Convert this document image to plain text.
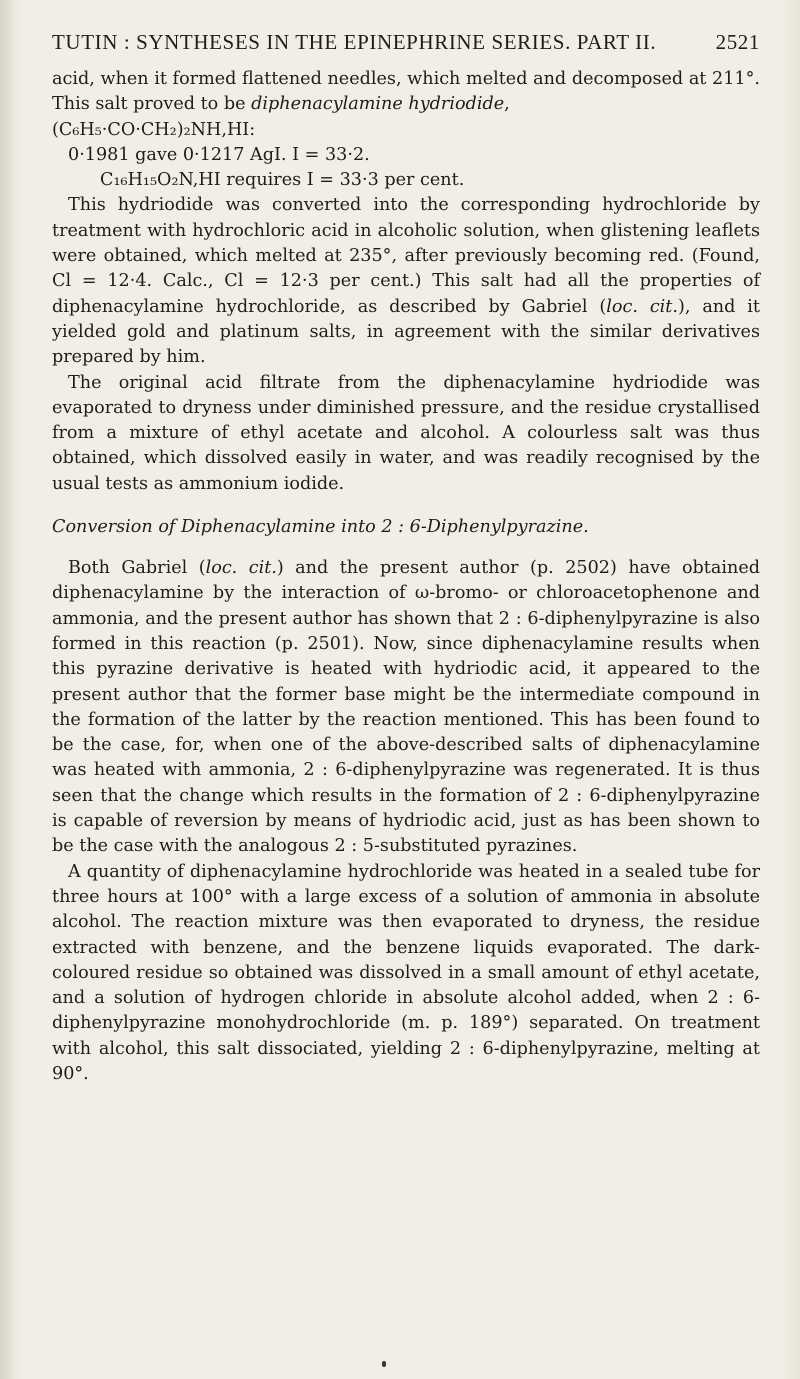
TUTIN : SYNTHESES IN THE EPINEPHRINE SERIES. PART II.	2521

acid, when it formed flattened needles, which melted and decomposed at 211°. This salt proved to be diphenacylamine hydriodide,

(C₆H₅·CO·CH₂)₂NH,HI:
0·1981 gave 0·1217 AgI. I = 33·2.
C₁₆H₁₅O₂N,HI requires I = 33·3 per cent.

This hydriodide was converted into the corresponding hydrochloride by treatment with hydrochloric acid in alcoholic solution, when glistening leaflets were obtained, which melted at 235°, after previously becoming red. (Found, Cl = 12·4. Calc., Cl = 12·3 per cent.) This salt had all the properties of diphenacylamine hydrochloride, as described by Gabriel (loc. cit.), and it yielded gold and platinum salts, in agreement with the similar derivatives prepared by him.

The original acid filtrate from the diphenacylamine hydriodide was evaporated to dryness under diminished pressure, and the residue crystallised from a mixture of ethyl acetate and alcohol. A colourless salt was thus obtained, which dissolved easily in water, and was readily recognised by the usual tests as ammonium iodide.

Conversion of Diphenacylamine into 2 : 6-Diphenylpyrazine.

Both Gabriel (loc. cit.) and the present author (p. 2502) have obtained diphenacylamine by the interaction of ω-bromo- or chloroacetophenone and ammonia, and the present author has shown that 2 : 6-diphenylpyrazine is also formed in this reaction (p. 2501). Now, since diphenacylamine results when this pyrazine derivative is heated with hydriodic acid, it appeared to the present author that the former base might be the intermediate compound in the formation of the latter by the reaction mentioned. This has been found to be the case, for, when one of the above-described salts of diphenacylamine was heated with ammonia, 2 : 6-diphenylpyrazine was regenerated. It is thus seen that the change which results in the formation of 2 : 6-diphenylpyrazine is capable of reversion by means of hydriodic acid, just as has been shown to be the case with the analogous 2 : 5-substituted pyrazines.

A quantity of diphenacylamine hydrochloride was heated in a sealed tube for three hours at 100° with a large excess of a solution of ammonia in absolute alcohol. The reaction mixture was then evaporated to dryness, the residue extracted with benzene, and the benzene liquids evaporated. The dark-coloured residue so obtained was dissolved in a small amount of ethyl acetate, and a solution of hydrogen chloride in absolute alcohol added, when 2 : 6-diphenylpyrazine monohydrochloride (m. p. 189°) separated. On treatment with alcohol, this salt dissociated, yielding 2 : 6-diphenylpyrazine, melting at 90°.
